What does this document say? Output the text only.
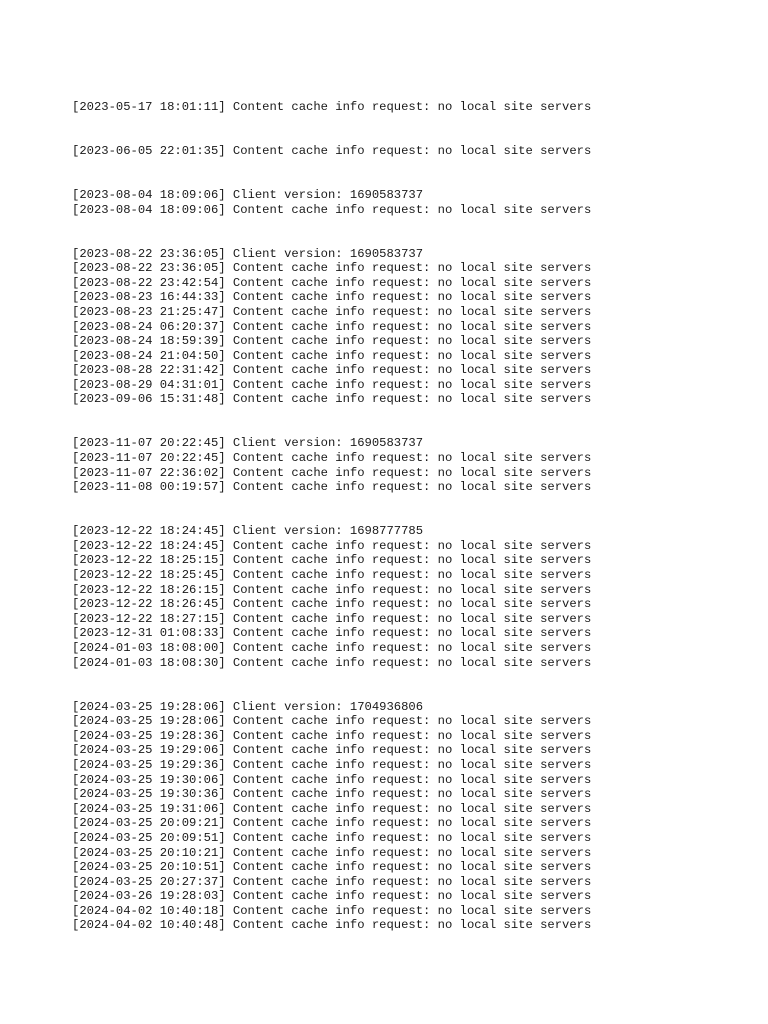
[2023-05-17 18:01:11] Content cache info request: no local site servers
[2023-06-05 22:01:35] Content cache info request: no local site servers
[2023-08-04 18:09:06] Client version: 1690583737
[2023-08-04 18:09:06] Content cache info request: no local site servers
[2023-08-22 23:36:05] Client version: 1690583737
[2023-08-22 23:36:05] Content cache info request: no local site servers
[2023-08-22 23:42:54] Content cache info request: no local site servers
[2023-08-23 16:44:33] Content cache info request: no local site servers
[2023-08-23 21:25:47] Content cache info request: no local site servers
[2023-08-24 06:20:37] Content cache info request: no local site servers
[2023-08-24 18:59:39] Content cache info request: no local site servers
[2023-08-24 21:04:50] Content cache info request: no local site servers
[2023-08-28 22:31:42] Content cache info request: no local site servers
[2023-08-29 04:31:01] Content cache info request: no local site servers
[2023-09-06 15:31:48] Content cache info request: no local site servers
[2023-11-07 20:22:45] Client version: 1690583737
[2023-11-07 20:22:45] Content cache info request: no local site servers
[2023-11-07 22:36:02] Content cache info request: no local site servers
[2023-11-08 00:19:57] Content cache info request: no local site servers
[2023-12-22 18:24:45] Client version: 1698777785
[2023-12-22 18:24:45] Content cache info request: no local site servers
[2023-12-22 18:25:15] Content cache info request: no local site servers
[2023-12-22 18:25:45] Content cache info request: no local site servers
[2023-12-22 18:26:15] Content cache info request: no local site servers
[2023-12-22 18:26:45] Content cache info request: no local site servers
[2023-12-22 18:27:15] Content cache info request: no local site servers
[2023-12-31 01:08:33] Content cache info request: no local site servers
[2024-01-03 18:08:00] Content cache info request: no local site servers
[2024-01-03 18:08:30] Content cache info request: no local site servers
[2024-03-25 19:28:06] Client version: 1704936806
[2024-03-25 19:28:06] Content cache info request: no local site servers
[2024-03-25 19:28:36] Content cache info request: no local site servers
[2024-03-25 19:29:06] Content cache info request: no local site servers
[2024-03-25 19:29:36] Content cache info request: no local site servers
[2024-03-25 19:30:06] Content cache info request: no local site servers
[2024-03-25 19:30:36] Content cache info request: no local site servers
[2024-03-25 19:31:06] Content cache info request: no local site servers
[2024-03-25 20:09:21] Content cache info request: no local site servers
[2024-03-25 20:09:51] Content cache info request: no local site servers
[2024-03-25 20:10:21] Content cache info request: no local site servers
[2024-03-25 20:10:51] Content cache info request: no local site servers
[2024-03-25 20:27:37] Content cache info request: no local site servers
[2024-03-26 19:28:03] Content cache info request: no local site servers
[2024-04-02 10:40:18] Content cache info request: no local site servers
[2024-04-02 10:40:48] Content cache info request: no local site servers
